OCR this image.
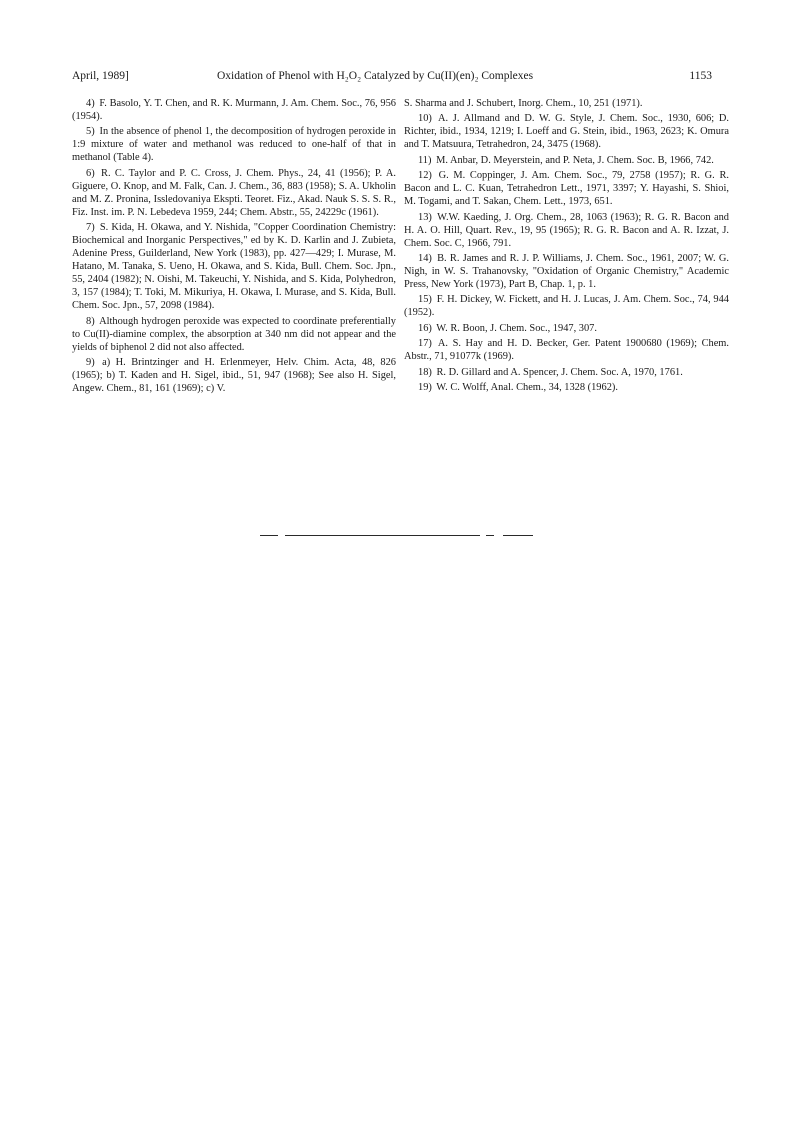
April, 1989]	Oxidation of Phenol with H₂O₂ Catalyzed by Cu(II)(en)₂ Complexes	1153

4) F. Basolo, Y. T. Chen, and R. K. Murmann, J. Am. Chem. Soc., 76, 956 (1954).

5) In the absence of phenol 1, the decomposition of hydrogen peroxide in 1:9 mixture of water and methanol was reduced to one-half of that in methanol (Table 4).

6) R. C. Taylor and P. C. Cross, J. Chem. Phys., 24, 41 (1956); P. A. Giguere, O. Knop, and M. Falk, Can. J. Chem., 36, 883 (1958); S. A. Ukholin and M. Z. Pronina, Issledovaniya Ekspti. Teoret. Fiz., Akad. Nauk S. S. S. R., Fiz. Inst. im. P. N. Lebedeva 1959, 244; Chem. Abstr., 55, 24229c (1961).

7) S. Kida, H. Okawa, and Y. Nishida, "Copper Coordination Chemistry: Biochemical and Inorganic Perspectives," ed by K. D. Karlin and J. Zubieta, Adenine Press, Guilderland, New York (1983), pp. 427—429; I. Murase, M. Hatano, M. Tanaka, S. Ueno, H. Okawa, and S. Kida, Bull. Chem. Soc. Jpn., 55, 2404 (1982); N. Oishi, M. Takeuchi, Y. Nishida, and S. Kida, Polyhedron, 3, 157 (1984); T. Toki, M. Mikuriya, H. Okawa, I. Murase, and S. Kida, Bull. Chem. Soc. Jpn., 57, 2098 (1984).

8) Although hydrogen peroxide was expected to coordinate preferentially to Cu(II)-diamine complex, the absorption at 340 nm did not appear and the yields of biphenol 2 did not also affected.

9) a) H. Brintzinger and H. Erlenmeyer, Helv. Chim. Acta, 48, 826 (1965); b) T. Kaden and H. Sigel, ibid., 51, 947 (1968); See also H. Sigel, Angew. Chem., 81, 161 (1969); c) V.

S. Sharma and J. Schubert, Inorg. Chem., 10, 251 (1971).

10) A. J. Allmand and D. W. G. Style, J. Chem. Soc., 1930, 606; D. Richter, ibid., 1934, 1219; I. Loeff and G. Stein, ibid., 1963, 2623; K. Omura and T. Matsuura, Tetrahedron, 24, 3475 (1968).

11) M. Anbar, D. Meyerstein, and P. Neta, J. Chem. Soc. B, 1966, 742.

12) G. M. Coppinger, J. Am. Chem. Soc., 79, 2758 (1957); R. G. R. Bacon and L. C. Kuan, Tetrahedron Lett., 1971, 3397; Y. Hayashi, S. Shioi, M. Togami, and T. Sakan, Chem. Lett., 1973, 651.

13) W.W. Kaeding, J. Org. Chem., 28, 1063 (1963); R. G. R. Bacon and H. A. O. Hill, Quart. Rev., 19, 95 (1965); R. G. R. Bacon and A. R. Izzat, J. Chem. Soc. C, 1966, 791.

14) B. R. James and R. J. P. Williams, J. Chem. Soc., 1961, 2007; W. G. Nigh, in W. S. Trahanovsky, "Oxidation of Organic Chemistry," Academic Press, New York (1973), Part B, Chap. 1, p. 1.

15) F. H. Dickey, W. Fickett, and H. J. Lucas, J. Am. Chem. Soc., 74, 944 (1952).

16) W. R. Boon, J. Chem. Soc., 1947, 307.

17) A. S. Hay and H. D. Becker, Ger. Patent 1900680 (1969); Chem. Abstr., 71, 91077k (1969).

18) R. D. Gillard and A. Spencer, J. Chem. Soc. A, 1970, 1761.

19) W. C. Wolff, Anal. Chem., 34, 1328 (1962).
